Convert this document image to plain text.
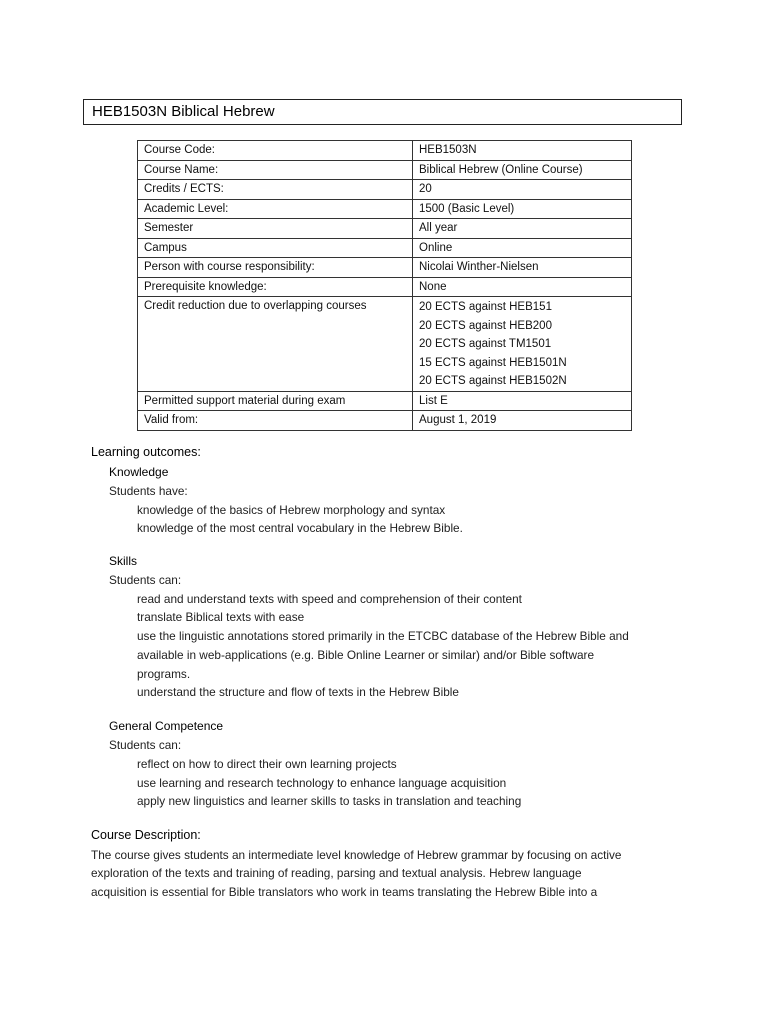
HEB1503N Biblical Hebrew
Course Code:	HEB1503N
Course Name:	Biblical Hebrew (Online Course)
Credits / ECTS:	20
Academic Level:	1500 (Basic Level)
Semester	All year
Campus	Online
Person with course responsibility:	Nicolai Winther-Nielsen
Prerequisite knowledge:	None
Credit reduction due to overlapping courses	20 ECTS against HEB151
20 ECTS against HEB200
20 ECTS against TM1501
15 ECTS against HEB1501N
20 ECTS against HEB1502N

Permitted support material during exam	List E
Valid from:	August 1, 2019
Learning outcomes:
Knowledge
Students have:
knowledge of the basics of Hebrew morphology and syntax
knowledge of the most central vocabulary in the Hebrew Bible.
Skills
Students can:
read and understand texts with speed and comprehension of their content
translate Biblical texts with ease
use the linguistic annotations stored primarily in the ETCBC database of the Hebrew Bible and
available in web-applications (e.g. Bible Online Learner or similar) and/or Bible software
programs.
understand the structure and flow of texts in the Hebrew Bible
General Competence
Students can:
reflect on how to direct their own learning projects
use learning and research technology to enhance language acquisition
apply new linguistics and learner skills to tasks in translation and teaching
Course Description:
The course gives students an intermediate level knowledge of Hebrew grammar by focusing on active
exploration of the texts and training of reading, parsing and textual analysis. Hebrew language
acquisition is essential for Bible translators who work in teams translating the Hebrew Bible into a
